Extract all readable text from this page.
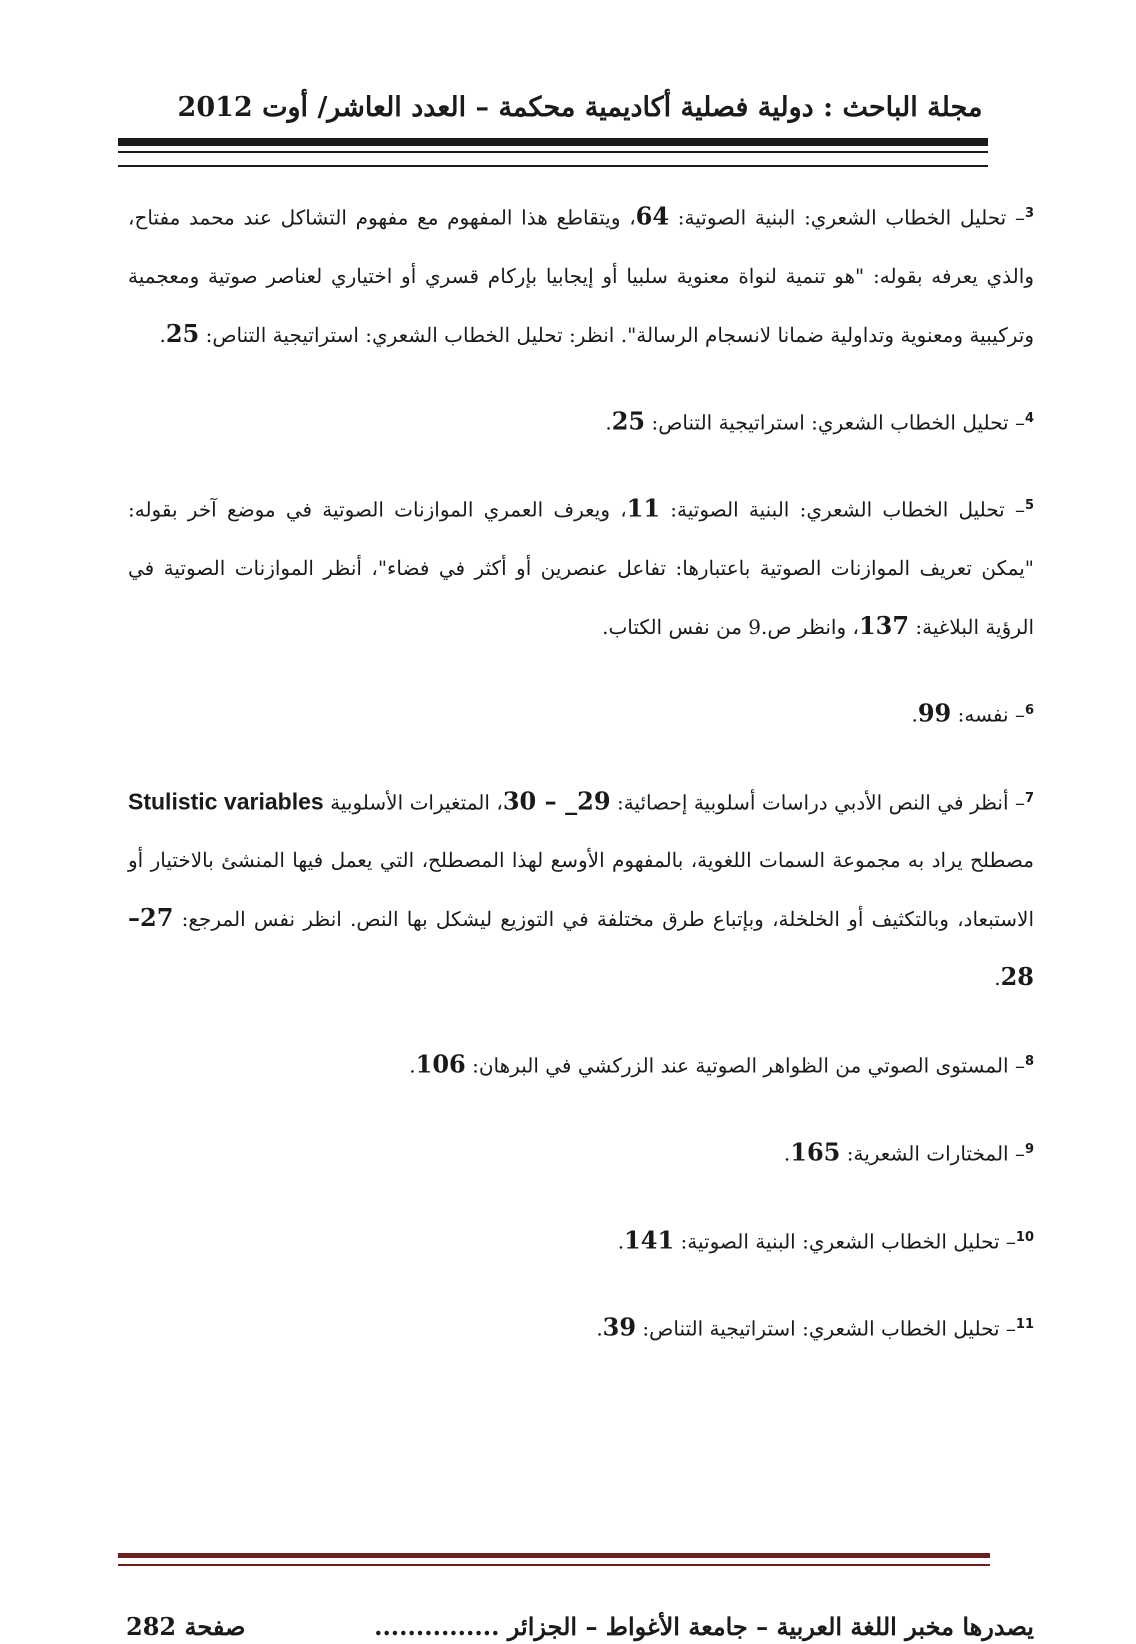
مجلة الباحث : دولية فصلية أكاديمية محكمة – العدد العاشر/ أوت 2012

$^3$– تحليل الخطاب الشعري: البنية الصوتية: 64، ويتقاطع هذا المفهوم مع مفهوم التشاكل عند محمد مفتاح، والذي يعرفه بقوله: "هو تنمية لنواة معنوية سلبيا أو إيجابيا بإركام قسري أو اختياري لعناصر صوتية ومعجمية وتركيبية ومعنوية وتداولية ضمانا لانسجام الرسالة". انظر: تحليل الخطاب الشعري: استراتيجية التناص: 25.

$^4$– تحليل الخطاب الشعري: استراتيجية التناص: 25.

$^5$– تحليل الخطاب الشعري: البنية الصوتية: 11، ويعرف العمري الموازنات الصوتية في موضع آخر بقوله: "يمكن تعريف الموازنات الصوتية باعتبارها: تفاعل عنصرين أو أكثر في فضاء"، أنظر الموازنات الصوتية في الرؤية البلاغية: 137، وانظر ص.9 من نفس الكتاب.

$^6$– نفسه: 99.

$^7$– أنظر في النص الأدبي دراسات أسلوبية إحصائية: 29_ – 30، المتغيرات الأسلوبية Stulistic variables مصطلح يراد به مجموعة السمات اللغوية، بالمفهوم الأوسع لهذا المصطلح، التي يعمل فيها المنشئ بالاختيار أو الاستبعاد، وبالتكثيف أو الخلخلة، وبإتباع طرق مختلفة في التوزيع ليشكل بها النص. انظر نفس المرجع: 27– 28.

$^8$– المستوى الصوتي من الظواهر الصوتية عند الزركشي في البرهان: 106.

$^9$– المختارات الشعرية: 165.

$^{10}$– تحليل الخطاب الشعري: البنية الصوتية: 141.

$^{11}$– تحليل الخطاب الشعري: استراتيجية التناص: 39.

يصدرها مخبر اللغة العربية – جامعة الأغواط – الجزائر ...............
صفحة 282
